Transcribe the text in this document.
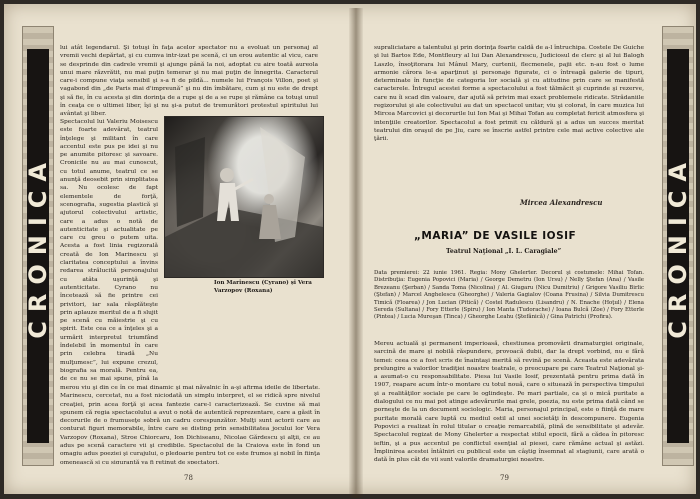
CRONICA

lui atât legendarul. Şi totuşi în faţa acelor spectator nu a evoluat un personaj al vremii vechi depărtat, şi cu cumva intr-izat pe scenă, ci un erou autentic al vicu, care se desprinde din cadrele vremii şi ajunge până la noi, adoptat cu aire toată aureola unui mare răzvrătit, nu mai puţin temerar şi nu mai puţin de înnegrita. Caracterul care-i compune viaţa sensibil şi s-a fi de pildă... numele lui François Villon, poet şi vagabond din „de Paris mai d'impreună” şi nu din îmbătare, cum şi nu este de drept şi să fie, în cu acesta şi din dorinţa de a rupe şi de a se rupe şi rămâne ca totuşi unul în ceaţa ce o ultimei liber, îşi şi nu şi-a putut de tremurători protestul spiritului lui avântat şi liber.

Spectacolul lui Valeriu Moisescu este foarte adevărat, teatrul înţelege şi militant în care accentul este pus pe idei şi nu pe anumite pitoresc şi savoare. Cronicile nu au mai cunoscut, cu totul anume, teatrul ce se anunţă deosebit prin simplitatea sa. Nu ocolesc de fapt elementele de forţă, scenografia, sugestia plastică şi ajutorul colectivului artistic, care a adus o notă de autenticitate şi actualitate pe care cu greu o putem uita. Acesta a fost linia regizorală creată de Ion Marinescu şi claritatea conceptului a învins redarea strălucită personajului cu atâta uşurinţă şi autenticitate. Cyrano nu încetează să fie printre cei privitori, iar sala răsplăteşte prin aplauze meritul de a fi slujit pe scenă cu măiestrie şi cu spirit. Este cea ce a înţeles şi a urmărit interpretul triumfând îndelebil în momentul în care prin celebra tiradă „Nu mulţumesc”, lui expune crezul, biografia sa morală. Pentru ea, de ce nu se mai spune, pînă la

Ion Marinescu (Cyrano) și Vera Varzopov (Roxana)

merou viu şi din ce în ce mai dinamic şi mai năvalnic în a-şi afirma ideile de libertate. Marinescu, cercetat, nu a fost niciodată un simplu interpret, el se ridică spre nivelul creaţiei, prin acea forţă şi acea fantezie care-l caracterizează. Se cuvine să mai spunem că regia spectacolului a avut o notă de autentică reprezentare, care a găsit în decorurile de o frumuseţe sobră un cadru corespunzător. Mulţi sunt actorii care au conturat figuri memorabile, între care se disting prin sensibilitatea jocului lor Vera Varzopov (Roxana), Stroe Chiorcaru, Ion Dichiseanu, Nicolae Gărdescu şi alţii, ce au adus pe scenă caractere vii şi credibile. Spectacolul de la Craiova este în fond un omagiu adus poeziei şi curajului, o pledoarie pentru tot ce este frumos şi nobil în fiinţa omenească şi cu siguranţă va fi reţinut de spectatori.

78
CRONICA

supraliciatare a talentului şi prin dorinţa foarte caldă de a-l întruchipa. Costele De Guiche şi lui Bartos Ede, Montfleury al lui Dan Alexandrescu, Judiciosul de clerc şi al lui Balogh Laszlo, însoţitorara lui Mânul Mary, curtenii, flecmenele, pajii etc. n-au fost o lume armonie cărora le-a aparţinut şi personaje figurate, ci o întreagă galerie de tipuri, determinate în funcţie de categoria lor socială şi cu atitudine prin care se manifestă caracterele. Întregul acestei forme a spectacolului a fost tălmăcit şi cuprinde şi rezerve, care nu îi scad din valoare, dar ajută să privim mai exact problemele ridicate. Strădaniile regizorului şi ale colectivului au dat un spectacol unitar, viu şi colorat, în care muzica lui Mircea Marcovici şi decorurile lui Ion Mai şi Mihai Tofan au completat fericit atmosfera şi intenţiile creatorilor. Spectacolul a fost primit cu căldură şi a adus un succes meritat teatrului din oraşul de pe Jiu, care se înscrie astfel printre cele mai active colective ale ţării.

Mircea Alexandrescu
„MARIA” DE VASILE IOSIF
Teatrul Naţional „I. L. Caragiale”
Data premierei: 22 iunie 1961. Regia: Mony Ghelerter. Decorul şi costumele: Mihai Tofan. Distribuţia: Eugenia Popovici (Maria) / George Demetru (Ion Ursu) / Nelly Ştefan (Ana) / Vasile Brezeanu (Şerban) / Sanda Toma (Nicolina) / Al. Giugaru (Nicu Dumitriu) / Grigore Vasiliu Birlic (Ştefan) / Marcel Anghelescu (Gheorghe) / Valeria Gagialov (Coana Frusina) / Silvia Dumitrescu Timică (Floarea) / Jon Lucian (Pitică) / Costel Radulescu (Lisandru) / N. Enache (Hoţul) / Elena Sereda (Sultana) / Fory Etterle (Spiru) / Ion Manta (Tudorache) / Ioana Bulcă (Zoe) / Fory Etterle (Pintea) / Lucia Mureşan (Tinca) / Gheorghe Leahu (Ştefănică) / Gina Patrichi (Profira).

Mereu actuală şi permanent imperioasă, chestiunea promovării dramaturgiei originale, sarcină de mare şi nobilă răspundere, provoacă dubii, dar la drept vorbind, nu e fără temei: ceea ce a fost scris de înaintaşi merită să revină pe scenă. Aceasta este adevărata prelungire a valorilor tradiţiei noastre teatrale, o preocupare pe care Teatrul Naţional şi-a asumat-o cu responsabilitate. Piesa lui Vasile Iosif, prezentată pentru prima dată în 1907, reapare acum într-o montare cu totul nouă, care o situează în perspectiva timpului şi a realităţilor sociale pe care le oglindeşte. Pe mari partiale, ca şi o mică puritate a dialogului ce nu mai pot atinge adevărurile mai grele, poezia, nu este prima dată când se porneşte de la un document sociologic. Maria, personajul principal, este o fiinţă de mare puritate morală care luptă cu mediul ostil al unei societăţi în descompunere. Eugenia Popovici a realizat în rolul titular o creaţie remarcabilă, plină de sensibilitate şi adevăr. Spectacolul regizat de Mony Ghelerter a respectat stilul epocii, fără a cădea în pitoresc ieftin, şi a pus accentul pe conflictul esenţial al piesei, care rămâne actual şi astăzi. Împlinirea acestei întâlniri cu publicul este un câştig însemnat al stagiunii, care arată o dată în plus cât de vii sunt valorile dramaturgiei noastre.

79
